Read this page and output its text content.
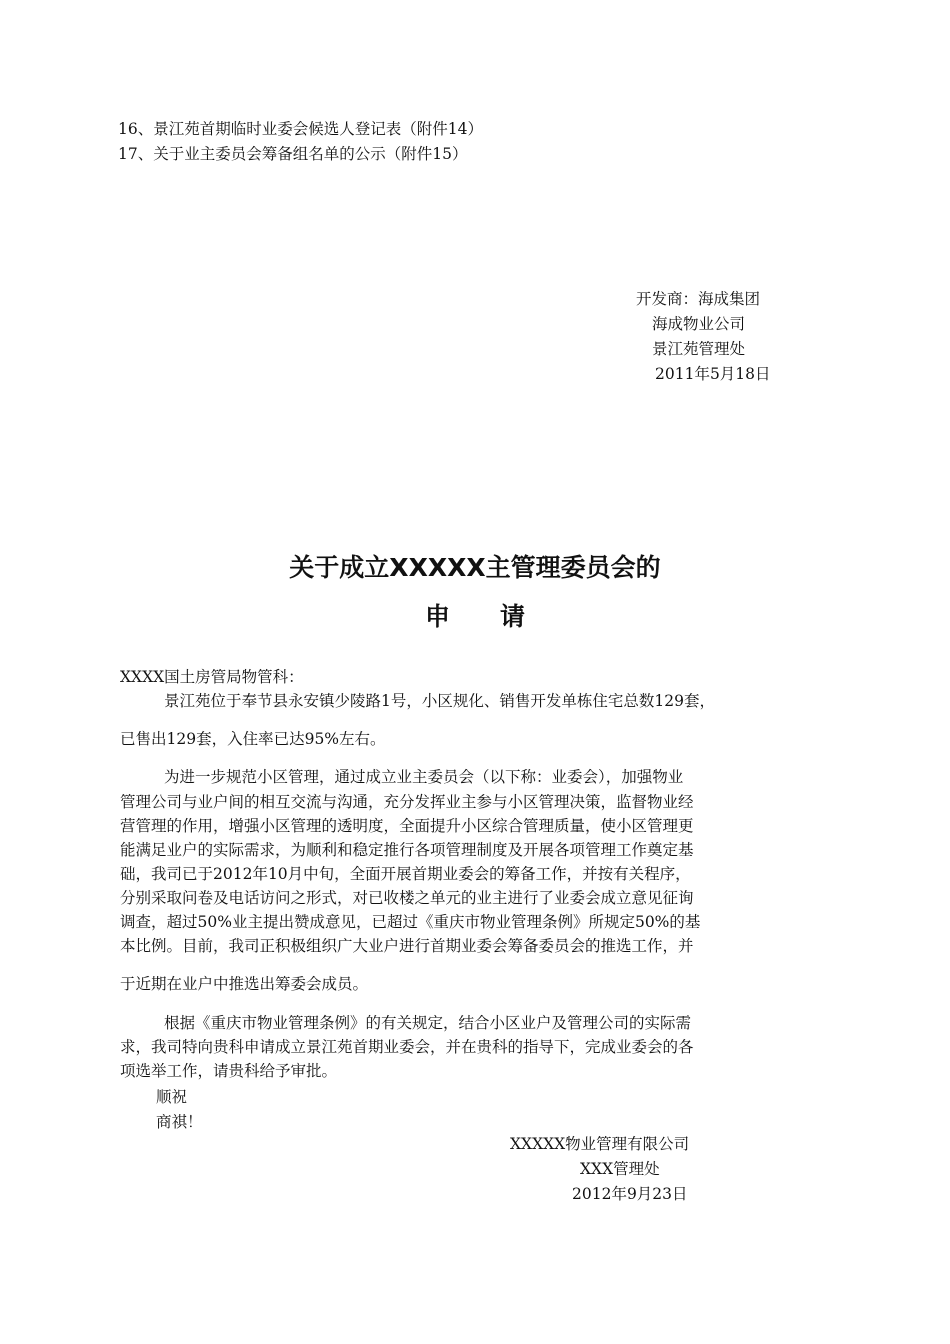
16、景江苑首期临时业委会候选人登记表（附件14）
17、关于业主委员会筹备组名单的公示（附件15）
开发商：海成集团
海成物业公司
景江苑管理处
2011年5月18日
关于成立XXXXX主管理委员会的
申请
XXXX国土房管局物管科：
景江苑位于奉节县永安镇少陵路1号，小区规化、销售开发单栋住宅总数129套，
已售出129套，入住率已达95%左右。
为进一步规范小区管理，通过成立业主委员会（以下称：业委会），加强物业
管理公司与业户间的相互交流与沟通，充分发挥业主参与小区管理决策，监督物业经
营管理的作用，增强小区管理的透明度，全面提升小区综合管理质量，使小区管理更
能满足业户的实际需求，为顺利和稳定推行各项管理制度及开展各项管理工作奠定基
础，我司已于2012年10月中旬，全面开展首期业委会的筹备工作，并按有关程序，
分别采取问卷及电话访问之形式，对已收楼之单元的业主进行了业委会成立意见征询
调查，超过50%业主提出赞成意见，已超过《重庆市物业管理条例》所规定50%的基
本比例。目前，我司正积极组织广大业户进行首期业委会筹备委员会的推选工作，并
于近期在业户中推选出筹委会成员。
根据《重庆市物业管理条例》的有关规定，结合小区业户及管理公司的实际需
求，我司特向贵科申请成立景江苑首期业委会，并在贵科的指导下，完成业委会的各
项选举工作，请贵科给予审批。
顺祝
商祺！
XXXXX物业管理有限公司
XXX管理处
2012年9月23日
